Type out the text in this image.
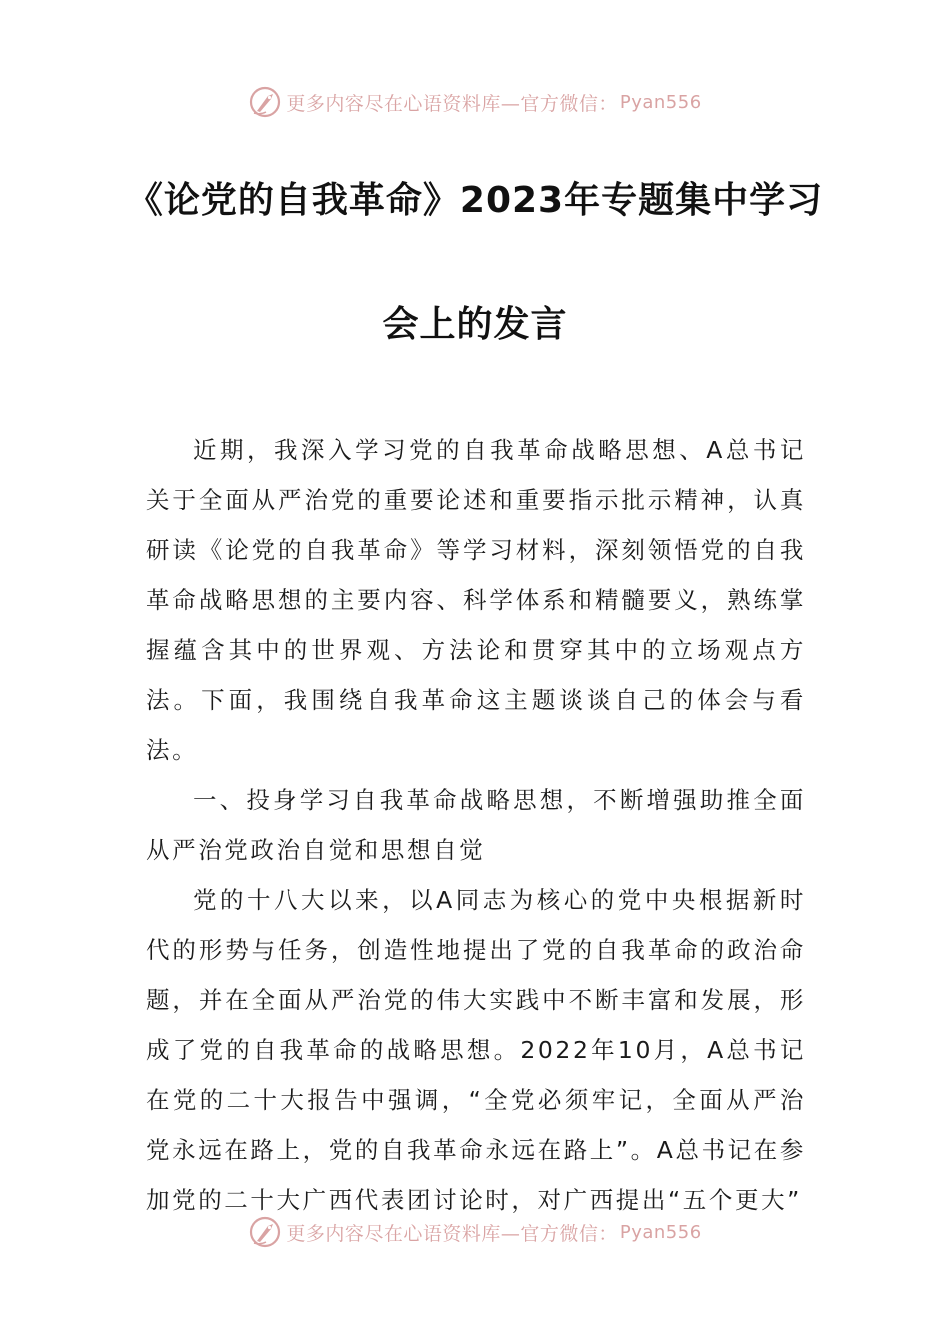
更多内容尽在心语资料库—官方微信： Pyan556
《论党的自我革命》2023年专题集中学习
会上的发言

近期，我深入学习党的自我革命战略思想、A总书记关于全面从严治党的重要论述和重要指示批示精神，认真研读《论党的自我革命》等学习材料，深刻领悟党的自我革命战略思想的主要内容、科学体系和精髓要义，熟练掌握蕴含其中的世界观、方法论和贯穿其中的立场观点方法。下面，我围绕自我革命这主题谈谈自己的体会与看法。

一、投身学习自我革命战略思想，不断增强助推全面从严治党政治自觉和思想自觉

党的十八大以来，以A同志为核心的党中央根据新时代的形势与任务，创造性地提出了党的自我革命的政治命题，并在全面从严治党的伟大实践中不断丰富和发展，形成了党的自我革命的战略思想。2022年10月，A总书记在党的二十大报告中强调，“全党必须牢记，全面从严治党永远在路上，党的自我革命永远在路上”。A总书记在参加党的二十大广西代表团讨论时，对广西提出“五个更大”

更多内容尽在心语资料库—官方微信： Pyan556
